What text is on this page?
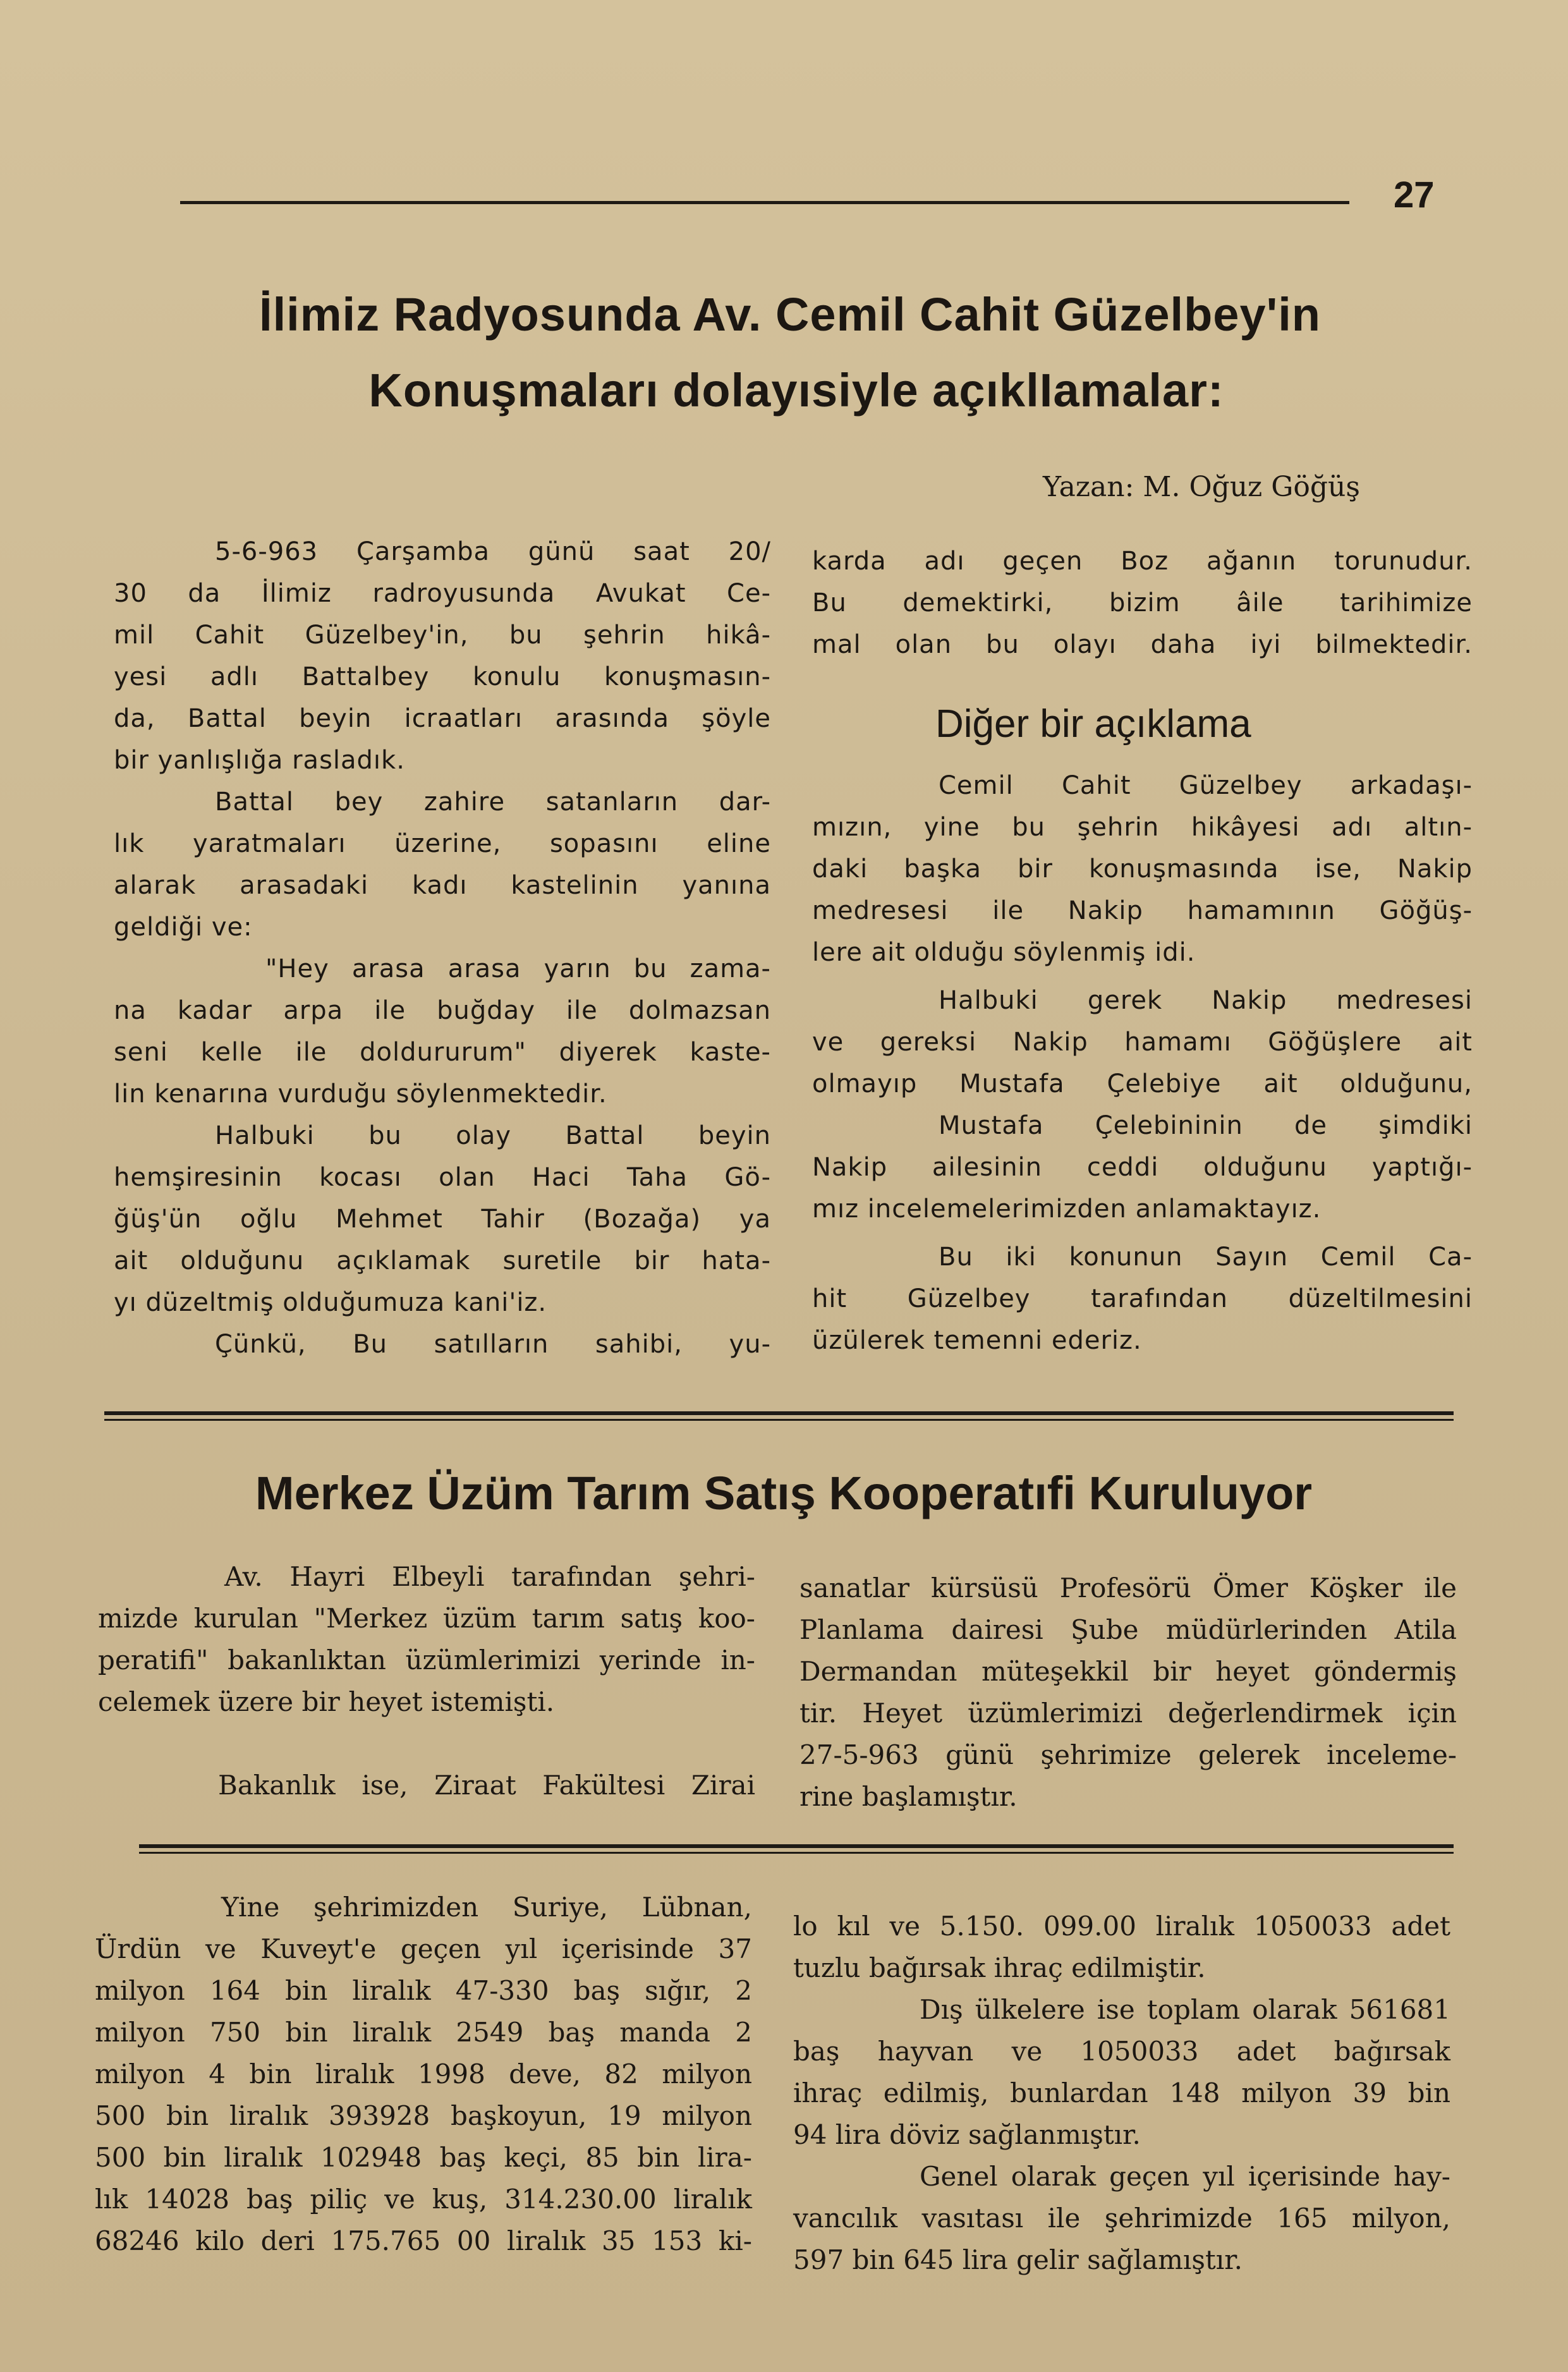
27
İlimiz Radyosunda Av. Cemil Cahit Güzelbey'in
Konuşmaları dolayısiyle açıklIamalar:
Yazan: M. Oğuz Göğüş
5-6-963 Çarşamba günü saat 20/
30 da İlimiz radroyusunda Avukat Ce-
mil Cahit Güzelbey'in, bu şehrin hikâ-
yesi adlı Battalbey konulu konuşmasın-
da, Battal beyin icraatları arasında şöyle
bir yanlışlığa rasladık.
Battal bey zahire satanların dar-
lık yaratmaları üzerine, sopasını eline
alarak arasadaki kadı kastelinin yanına
geldiği ve:
"Hey arasa arasa yarın bu zama-
na kadar arpa ile buğday ile dolmazsan
seni kelle ile doldururum" diyerek kaste-
lin kenarına vurduğu söylenmektedir.
Halbuki bu olay Battal beyin
hemşiresinin kocası olan Haci Taha Gö-
ğüş'ün oğlu Mehmet Tahir (Bozağa) ya
ait olduğunu açıklamak suretile bir hata-
yı düzeltmiş olduğumuza kani'iz.
Çünkü, Bu satılların sahibi, yu-
karda adı geçen Boz ağanın torunudur.
Bu demektirki, bizim âile tarihimize
mal olan bu olayı daha iyi bilmektedir.
Diğer bir açıklama
Cemil Cahit Güzelbey arkadaşı-
mızın, yine bu şehrin hikâyesi adı altın-
daki başka bir konuşmasında ise, Nakip
medresesi ile Nakip hamamının Göğüş-
lere ait olduğu söylenmiş idi.
Halbuki gerek Nakip medresesi
ve gereksi Nakip hamamı Göğüşlere ait
olmayıp Mustafa Çelebiye ait olduğunu,
Mustafa Çelebininin de şimdiki
Nakip ailesinin ceddi olduğunu yaptığı-
mız incelemelerimizden anlamaktayız.
Bu iki konunun Sayın Cemil Ca-
hit Güzelbey tarafından düzeltilmesini
üzülerek temenni ederiz.
Merkez Üzüm Tarım Satış Kooperatıfi Kuruluyor
Av. Hayri Elbeyli tarafından şehri-
mizde kurulan "Merkez üzüm tarım satış koo-
peratifi" bakanlıktan üzümlerimizi yerinde in-
celemek üzere bir heyet istemişti.

Bakanlık ise, Ziraat Fakültesi Zirai
sanatlar kürsüsü Profesörü Ömer Köşker ile
Planlama dairesi Şube müdürlerinden Atila
Dermandan müteşekkil bir heyet göndermiş
tir. Heyet üzümlerimizi değerlendirmek için
27-5-963 günü şehrimize gelerek inceleme-
rine başlamıştır.
Yine şehrimizden Suriye, Lübnan,
Ürdün ve Kuveyt'e geçen yıl içerisinde 37
milyon 164 bin liralık 47-330 baş sığır, 2
milyon 750 bin liralık 2549 baş manda 2
milyon 4 bin liralık 1998 deve, 82 milyon
500 bin liralık 393928 başkoyun, 19 milyon
500 bin liralık 102948 baş keçi, 85 bin lira-
lık 14028 baş piliç ve kuş, 314.230.00 liralık
68246 kilo deri 175.765 00 liralık 35 153 ki-
lo kıl ve 5.150. 099.00 liralık 1050033 adet
tuzlu bağırsak ihraç edilmiştir.
Dış ülkelere ise toplam olarak 561681
baş hayvan ve 1050033 adet bağırsak
ihraç edilmiş, bunlardan 148 milyon 39 bin
94 lira döviz sağlanmıştır.
Genel olarak geçen yıl içerisinde hay-
vancılık vasıtası ile şehrimizde 165 milyon,
597 bin 645 lira gelir sağlamıştır.
